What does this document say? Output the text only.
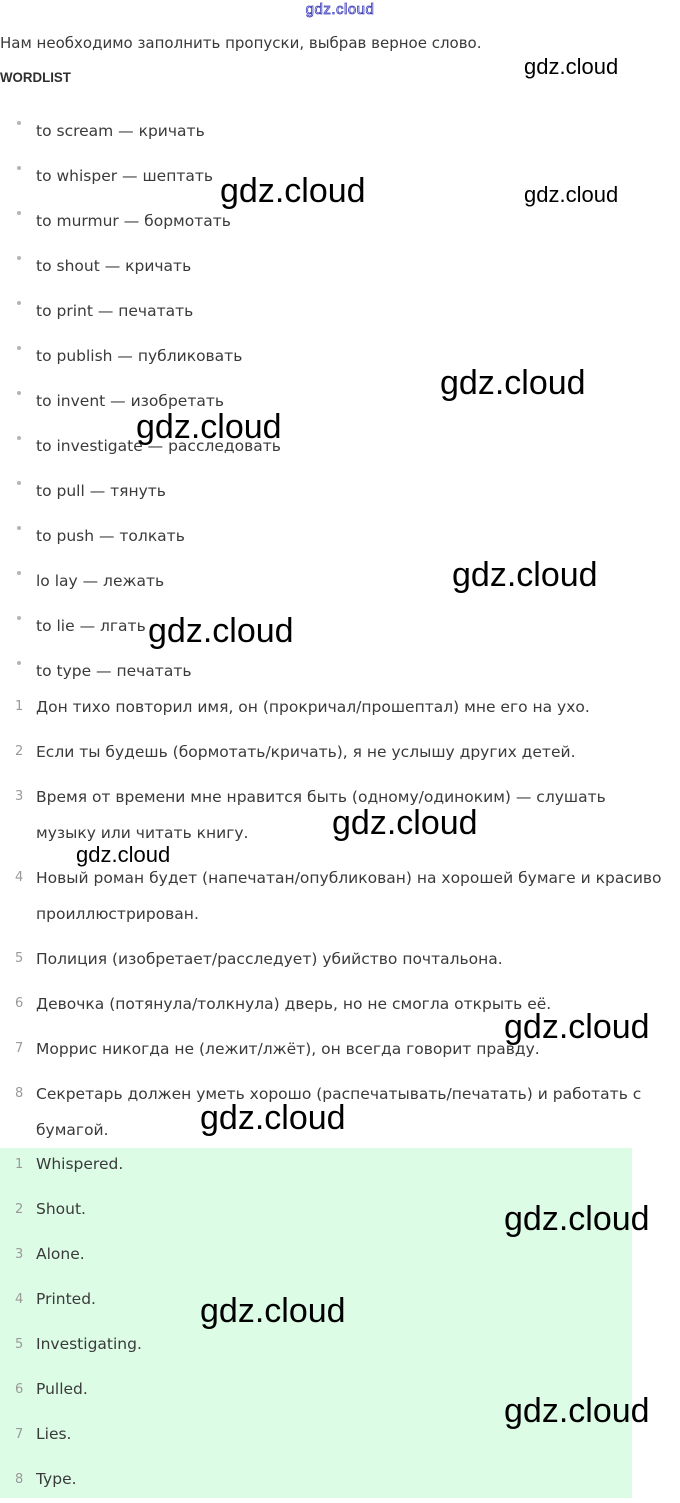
gdz.cloud
Нам необходимо заполнить пропуски, выбрав верное слово.
WORDLIST
to scream — кричать
to whisper — шептать
to murmur — бормотать
to shout — кричать
to print — печатать
to publish — публиковать
to invent — изобретать
to investigate — расследовать
to pull — тянуть
to push — толкать
lo lay — лежать
to lie — лгать
to type — печатать
1 Дон тихо повторил имя, он (прокричал/прошептал) мне его на ухо.
2 Если ты будешь (бормотать/кричать), я не услышу других детей.
3 Время от времени мне нравится быть (одному/одиноким) — слушать музыку или читать книгу.
4 Новый роман будет (напечатан/опубликован) на хорошей бумаге и красиво проиллюстрирован.
5 Полиция (изобретает/расследует) убийство почтальона.
6 Девочка (потянула/толкнула) дверь, но не смогла открыть её.
7 Моррис никогда не (лежит/лжёт), он всегда говорит правду.
8 Секретарь должен уметь хорошо (распечатывать/печатать) и работать с бумагой.
1 Whispered.
2 Shout.
3 Alone.
4 Printed.
5 Investigating.
6 Pulled.
7 Lies.
8 Type.
gdz.cloud
gdz.cloud	gdz.cloud
gdz.cloud
gdz.cloud
gdz.cloud
gdz.cloud
gdz.cloud
gdz.cloud
gdz.cloud
gdz.cloud
gdz.cloud
gdz.cloud
gdz.cloud
